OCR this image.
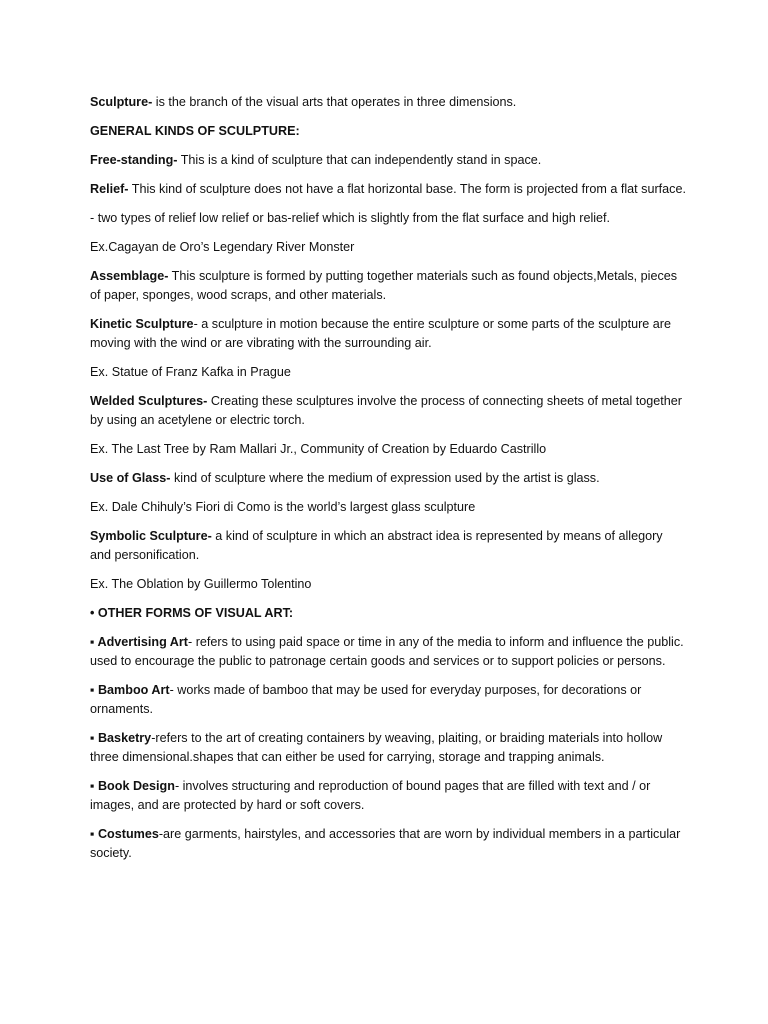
Sculpture- is the branch of the visual arts that operates in three dimensions.

GENERAL KINDS OF SCULPTURE:

Free-standing- This is a kind of sculpture that can independently stand in space.

Relief- This kind of sculpture does not have a flat horizontal base. The form is projected from a flat surface.

- two types of relief low relief or bas-relief which is slightly from the flat surface and high relief.

Ex.Cagayan de Oro’s Legendary River Monster

Assemblage- This sculpture is formed by putting together materials such as found objects,Metals, pieces of paper, sponges, wood scraps, and other materials.

Kinetic Sculpture- a sculpture in motion because the entire sculpture or some parts of the sculpture are moving with the wind or are vibrating with the surrounding air.

Ex. Statue of Franz Kafka in Prague

Welded Sculptures- Creating these sculptures involve the process of connecting sheets of metal together by using an acetylene or electric torch.

Ex. The Last Tree by Ram Mallari Jr., Community of Creation by Eduardo Castrillo

Use of Glass- kind of sculpture where the medium of expression used by the artist is glass.

Ex. Dale Chihuly’s Fiori di Como is the world’s largest glass sculpture

Symbolic Sculpture- a kind of sculpture in which an abstract idea is represented by means of allegory and personification.

Ex. The Oblation by Guillermo Tolentino

• OTHER FORMS OF VISUAL ART:

▪ Advertising Art- refers to using paid space or time in any of the media to inform and influence the public. used to encourage the public to patronage certain goods and services or to support policies or persons.

▪ Bamboo Art- works made of bamboo that may be used for everyday purposes, for decorations or ornaments.

▪ Basketry-refers to the art of creating containers by weaving, plaiting, or braiding materials into hollow three dimensional.shapes that can either be used for carrying, storage and trapping animals.

▪ Book Design- involves structuring and reproduction of bound pages that are filled with text and / or images, and are protected by hard or soft covers.

▪ Costumes-are garments, hairstyles, and accessories that are worn by individual members in a particular society.
